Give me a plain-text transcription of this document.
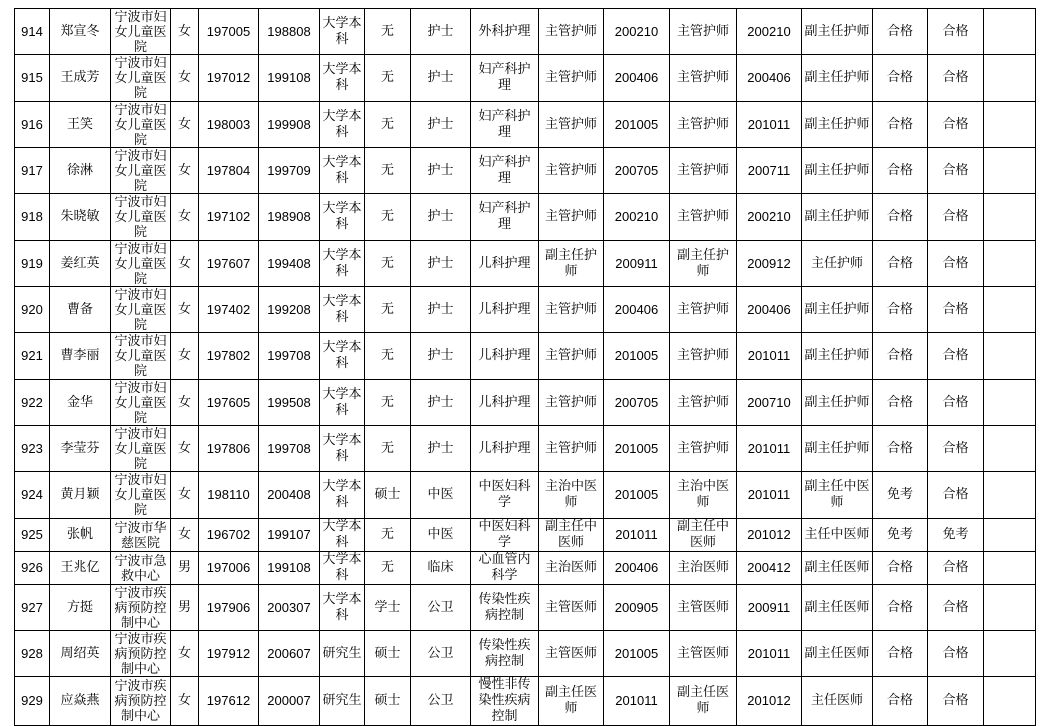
914	郑宣冬	宁波市妇女儿童医院	女	197005	198808	大学本科	无	护士	外科护理	主管护师	200210	主管护师	200210	副主任护师	合格	合格	
915	王成芳	宁波市妇女儿童医院	女	197012	199108	大学本科	无	护士	妇产科护理	主管护师	200406	主管护师	200406	副主任护师	合格	合格	
916	王笑	宁波市妇女儿童医院	女	198003	199908	大学本科	无	护士	妇产科护理	主管护师	201005	主管护师	201011	副主任护师	合格	合格	
917	徐淋	宁波市妇女儿童医院	女	197804	199709	大学本科	无	护士	妇产科护理	主管护师	200705	主管护师	200711	副主任护师	合格	合格	
918	朱晓敏	宁波市妇女儿童医院	女	197102	198908	大学本科	无	护士	妇产科护理	主管护师	200210	主管护师	200210	副主任护师	合格	合格	
919	姜红英	宁波市妇女儿童医院	女	197607	199408	大学本科	无	护士	儿科护理	副主任护师	200911	副主任护师	200912	主任护师	合格	合格	
920	曹备	宁波市妇女儿童医院	女	197402	199208	大学本科	无	护士	儿科护理	主管护师	200406	主管护师	200406	副主任护师	合格	合格	
921	曹李丽	宁波市妇女儿童医院	女	197802	199708	大学本科	无	护士	儿科护理	主管护师	201005	主管护师	201011	副主任护师	合格	合格	
922	金华	宁波市妇女儿童医院	女	197605	199508	大学本科	无	护士	儿科护理	主管护师	200705	主管护师	200710	副主任护师	合格	合格	
923	李莹芬	宁波市妇女儿童医院	女	197806	199708	大学本科	无	护士	儿科护理	主管护师	201005	主管护师	201011	副主任护师	合格	合格	
924	黄月颖	宁波市妇女儿童医院	女	198110	200408	大学本科	硕士	中医	中医妇科学	主治中医师	201005	主治中医师	201011	副主任中医师	免考	合格	
925	张帆	宁波市华慈医院	女	196702	199107	大学本科	无	中医	中医妇科学	副主任中医师	201011	副主任中医师	201012	主任中医师	免考	免考	
926	王兆亿	宁波市急救中心	男	197006	199108	大学本科	无	临床	心血管内科学	主治医师	200406	主治医师	200412	副主任医师	合格	合格	
927	方挺	宁波市疾病预防控制中心	男	197906	200307	大学本科	学士	公卫	传染性疾病控制	主管医师	200905	主管医师	200911	副主任医师	合格	合格	
928	周绍英	宁波市疾病预防控制中心	女	197912	200607	研究生	硕士	公卫	传染性疾病控制	主管医师	201005	主管医师	201011	副主任医师	合格	合格	
929	应焱燕	宁波市疾病预防控制中心	女	197612	200007	研究生	硕士	公卫	慢性非传染性疾病控制	副主任医师	201011	副主任医师	201012	主任医师	合格	合格	
